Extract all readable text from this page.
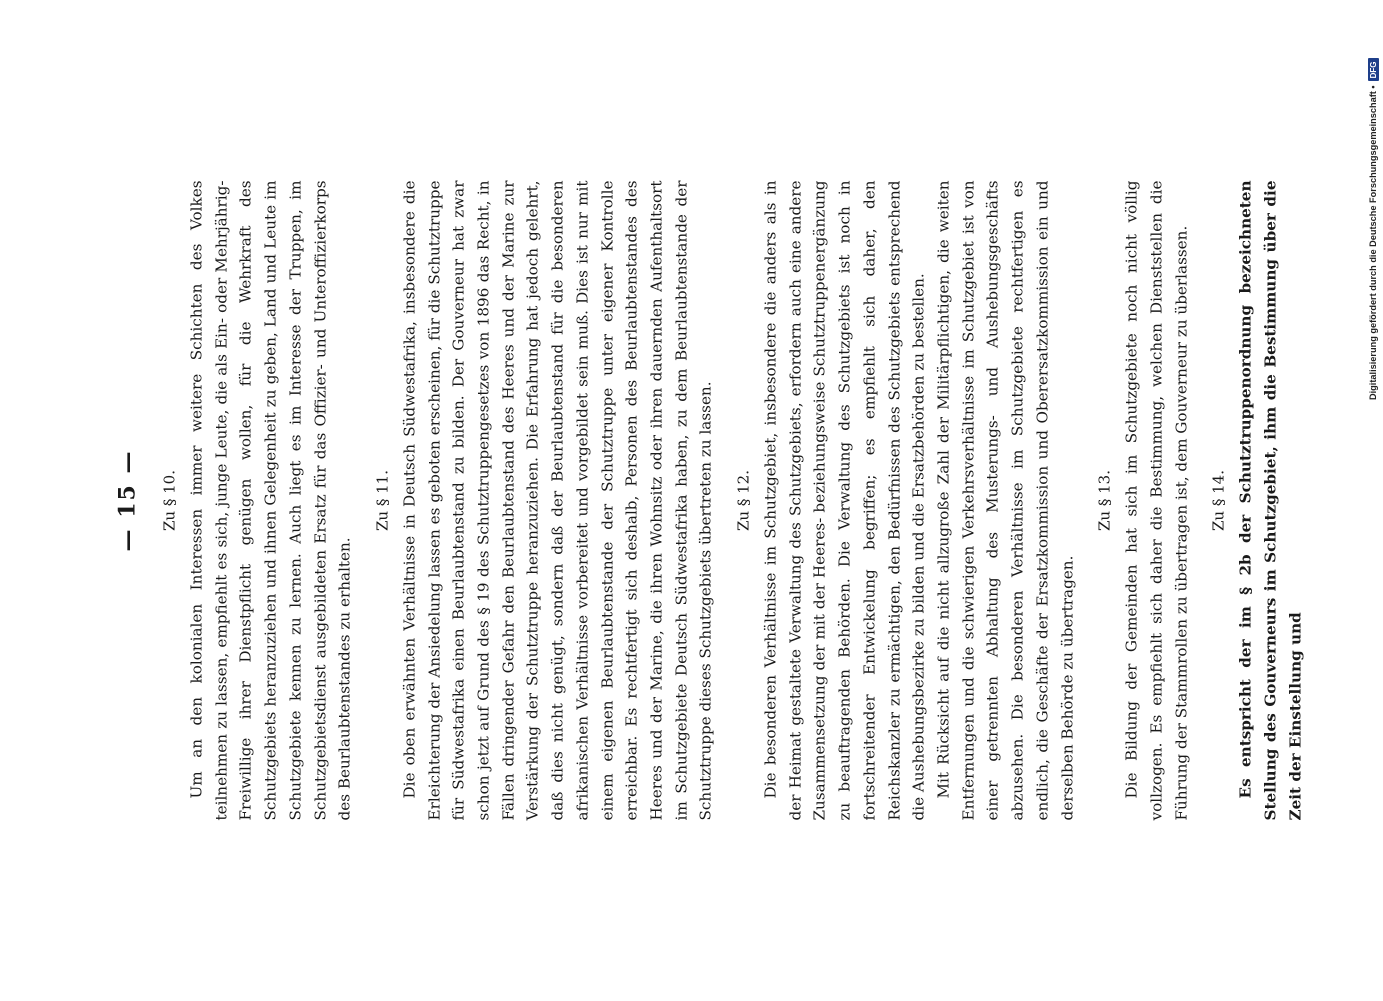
— 15 — Zu § 10. Um an den kolonialen Interessen immer weitere Schichten des Volkes teilnehmen zu lassen, empfiehlt es sich, junge Leute, die als Ein- oder Mehrjährig-Freiwillige ihrer Dienstpflicht genügen wollen, für die Wehrkraft des Schutzgebiets heranzuziehen und ihnen Gelegenheit zu geben, Land und Leute im Schutzgebiete kennen zu lernen. Auch liegt es im Interesse der Truppen, im Schutzgebietsdienst ausgebildeten Ersatz für das Offizier- und Unteroffizierkorps des Beurlaubtenstandes zu erhalten.

Zu § 11. Die oben erwähnten Verhältnisse in Deutsch Südwestafrika, insbesondere die Erleichterung der Ansiedelung lassen es geboten erscheinen, für die Schutztruppe für Südwestafrika einen Beurlaubtenstand zu bilden. Der Gouverneur hat zwar schon jetzt auf Grund des § 19 des Schutztruppengesetzes von 1896 das Recht, in Fällen dringender Gefahr den Beurlaubtenstand des Heeres und der Marine zur Verstärkung der Schutztruppe heranzuziehen. Die Erfahrung hat jedoch gelehrt, daß dies nicht genügt, sondern daß der Beurlaubtenstand für die besonderen afrikanischen Verhältnisse vorbereitet und vorgebildet sein muß. Dies ist nur mit einem eigenen Beurlaubtenstande der Schutztruppe unter eigener Kontrolle erreichbar. Es rechtfertigt sich deshalb, Personen des Beurlaubtenstandes des Heeres und der Marine, die ihren Wohnsitz oder ihren dauernden Aufenthaltsort im Schutzgebiete Deutsch Südwestafrika haben, zu dem Beurlaubtenstande der Schutztruppe dieses Schutzgebiets übertreten zu lassen. Zu § 12. Die besonderen Verhältnisse im Schutzgebiet, insbesondere die anders als in der Heimat gestaltete Verwaltung des Schutzgebiets, erfordern auch eine andere Zusammensetzung der mit der Heeres- beziehungsweise Schutztruppenergänzung zu beauftragenden Behörden. Die Verwaltung des Schutzgebiets ist noch in fortschreitender Entwickelung begriffen; es empfiehlt sich daher, den Reichskanzler zu ermächtigen, den Bedürfnissen des Schutzgebiets entsprechend die Aushebungsbezirke zu bilden und die Ersatzbehörden zu bestellen. Mit Rücksicht auf die nicht allzugroße Zahl der Militärpflichtigen, die weiten Entfernungen und die schwierigen Verkehrsverhältnisse im Schutzgebiet ist von einer getrennten Abhaltung des Musterungs- und Aushebungsgeschäfts abzusehen. Die besonderen Verhältnisse im Schutzgebiete rechtfertigen es endlich, die Geschäfte der Ersatzkommission und Oberersatzkommission ein und derselben Behörde zu übertragen.

Zu § 13. Die Bildung der Gemeinden hat sich im Schutzgebiete noch nicht völlig vollzogen. Es empfiehlt sich daher die Bestimmung, welchen Dienststellen die Führung der Stammrollen zu übertragen ist, dem Gouverneur zu überlassen. Zu § 14. Es entspricht der im § 2b der Schutztruppenordnung bezeichneten Stellung des Gouverneurs im Schutzgebiet, ihm die Bestimmung über die Zeit der Einstellung und

Digitalisierung gefördert durch die Deutsche Forschungsgemeinschaft •
DFG
